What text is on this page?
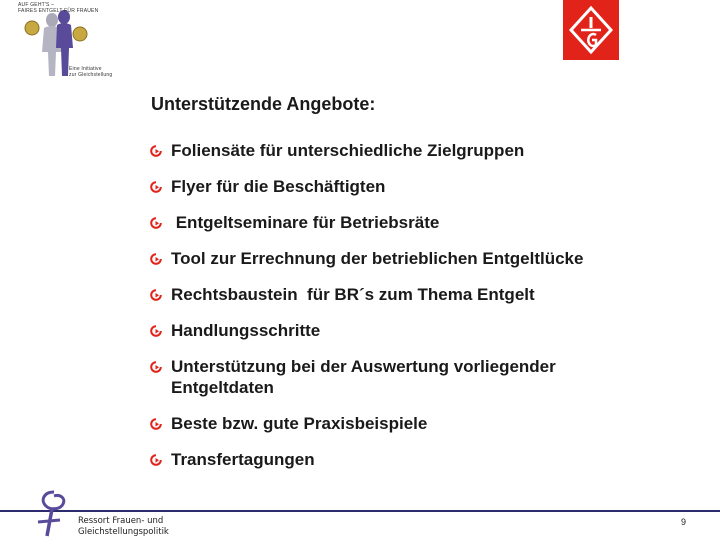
AUF GEHT'S –
FAIRES ENTGELT FÜR FRAUEN
Eine Initiative
zur Gleichstellung
Unterstützende Angebote:
Foliensäte für unterschiedliche Zielgruppen
Flyer für die Beschäftigten
Entgeltseminare für Betriebsräte
Tool zur Errechnung der betrieblichen Entgeltlücke
Rechtsbaustein  für BR´s zum Thema Entgelt
Handlungsschritte
Unterstützung bei der Auswertung vorliegender Entgeltdaten
Beste bzw. gute Praxisbeispiele
Transfertagungen
Ressort Frauen- und
Gleichstellungspolitik
9
